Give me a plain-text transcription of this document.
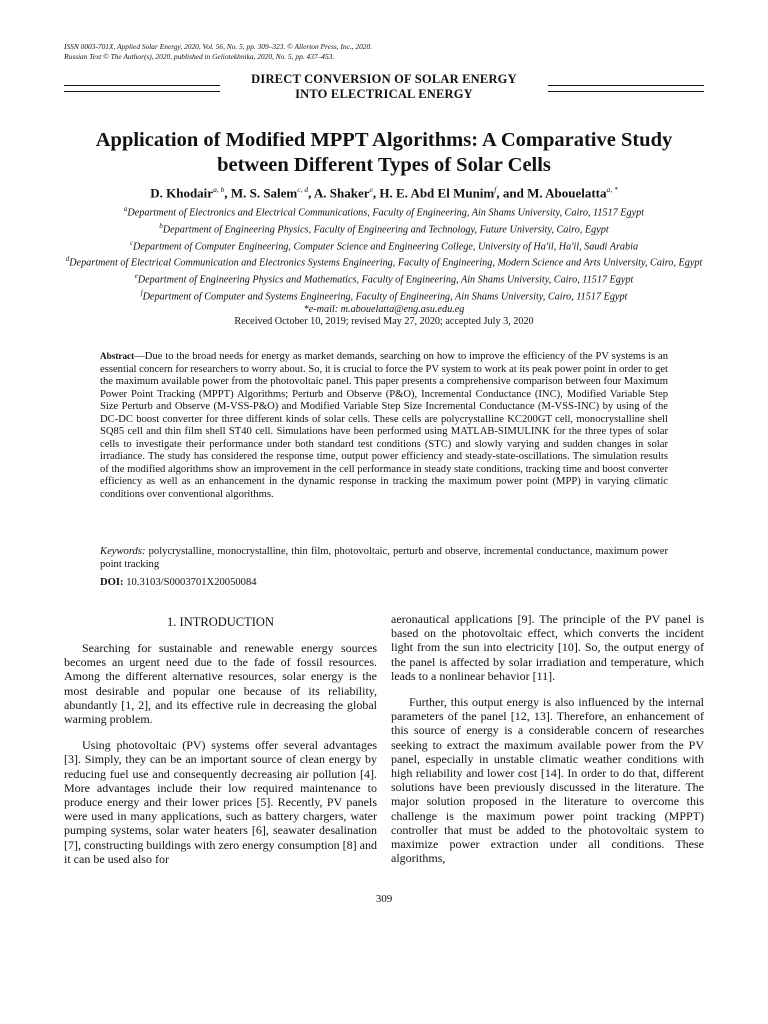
ISSN 0003-701X, Applied Solar Energy, 2020, Vol. 56, No. 5, pp. 309–323. © Allerton Press, Inc., 2020.
Russian Text © The Author(s), 2020, published in Geliotekhnika, 2020, No. 5, pp. 437–453.
DIRECT CONVERSION OF SOLAR ENERGY
INTO ELECTRICAL ENERGY
Application of Modified MPPT Algorithms: A Comparative Study
between Different Types of Solar Cells
D. Khodair$^{a, b}$, M. S. Salem$^{c, d}$, A. Shaker$^e$, H. E. Abd El Munim$^f$, and M. Abouelatta$^{a, *}$
$^a$Department of Electronics and Electrical Communications, Faculty of Engineering, Ain Shams University, Cairo, 11517 Egypt
$^b$Department of Engineering Physics, Faculty of Engineering and Technology, Future University, Cairo, Egypt
$^c$Department of Computer Engineering, Computer Science and Engineering College, University of Ha'il, Ha'il, Saudi Arabia
$^d$Department of Electrical Communication and Electronics Systems Engineering, Faculty of Engineering, Modern Science and Arts University, Cairo, Egypt
$^e$Department of Engineering Physics and Mathematics, Faculty of Engineering, Ain Shams University, Cairo, 11517 Egypt
$^f$Department of Computer and Systems Engineering, Faculty of Engineering, Ain Shams University, Cairo, 11517 Egypt
*e-mail: m.abouelatta@eng.asu.edu.eg
Received October 10, 2019; revised May 27, 2020; accepted July 3, 2020
Abstract—Due to the broad needs for energy as market demands, searching on how to improve the efficiency of the PV systems is an essential concern for researchers to worry about. So, it is crucial to force the PV system to work at its peak power point in order to get the maximum available power from the photovoltaic panel. This paper presents a comprehensive comparison between four Maximum Power Point Tracking (MPPT) Algorithms; Perturb and Observe (P&O), Incremental Conductance (INC), Modified Variable Step Size Perturb and Observe (M-VSS-P&O) and Modified Variable Step Size Incremental Conductance (M-VSS-INC) by using of the DC-DC boost converter for three different kinds of solar cells. These cells are polycrystalline KC200GT cell, monocrystalline shell SQ85 cell and thin film shell ST40 cell. Simulations have been performed using MATLAB-SIMULINK for the three types of solar cells to investigate their performance under both standard test conditions (STC) and slowly varying and sudden changes in solar irradiance. The study has considered the response time, output power efficiency and steady-state-oscillations. The simulation results of the modified algorithms show an improvement in the cell performance in steady state conditions, tracking time and boost converter efficiency as well as an enhancement in the dynamic response in tracking the maximum power point (MPP) in varying climatic conditions over conventional algorithms.
Keywords: polycrystalline, monocrystalline, thin film, photovoltaic, perturb and observe, incremental conductance, maximum power point tracking
DOI: 10.3103/S0003701X20050084
1. INTRODUCTION

Searching for sustainable and renewable energy sources becomes an urgent need due to the fade of fossil resources. Among the different alternative resources, solar energy is the most desirable and popular one because of its reliability, abundantly [1, 2], and its effective rule in decreasing the global warming problem.

Using photovoltaic (PV) systems offer several advantages [3]. Simply, they can be an important source of clean energy by reducing fuel use and consequently decreasing air pollution [4]. More advantages include their low required maintenance to produce energy and their lower prices [5]. Recently, PV panels were used in many applications, such as battery chargers, water pumping systems, solar water heaters [6], seawater desalination [7], constructing buildings with zero energy consumption [8] and it can be used also for

aeronautical applications [9]. The principle of the PV panel is based on the photovoltaic effect, which converts the incident light from the sun into electricity [10]. So, the output energy of the panel is affected by solar irradiation and temperature, which leads to a nonlinear behavior [11].

Further, this output energy is also influenced by the internal parameters of the panel [12, 13]. Therefore, an enhancement of this source of energy is a considerable concern of researches seeking to extract the maximum available power from the PV panel, especially in unstable climatic weather conditions with high reliability and lower cost [14]. In order to do that, different solutions have been previously discussed in the literature. The major solution proposed in the literature to overcome this challenge is the maximum power point tracking (MPPT) controller that must be added to the photovoltaic system to maximize power extraction under all conditions. These algorithms,

309
